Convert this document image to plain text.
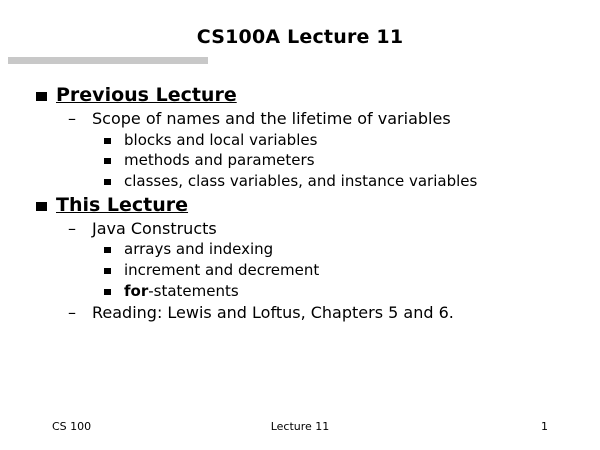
CS100A Lecture 11
Previous Lecture
–	Scope of names and the lifetime of variables
blocks and local variables
methods and parameters
classes, class variables, and instance variables
This Lecture
–	Java Constructs
arrays and indexing
increment and decrement
for-statements
–	Reading: Lewis and Loftus, Chapters 5 and 6.
CS 100	Lecture 11	1
